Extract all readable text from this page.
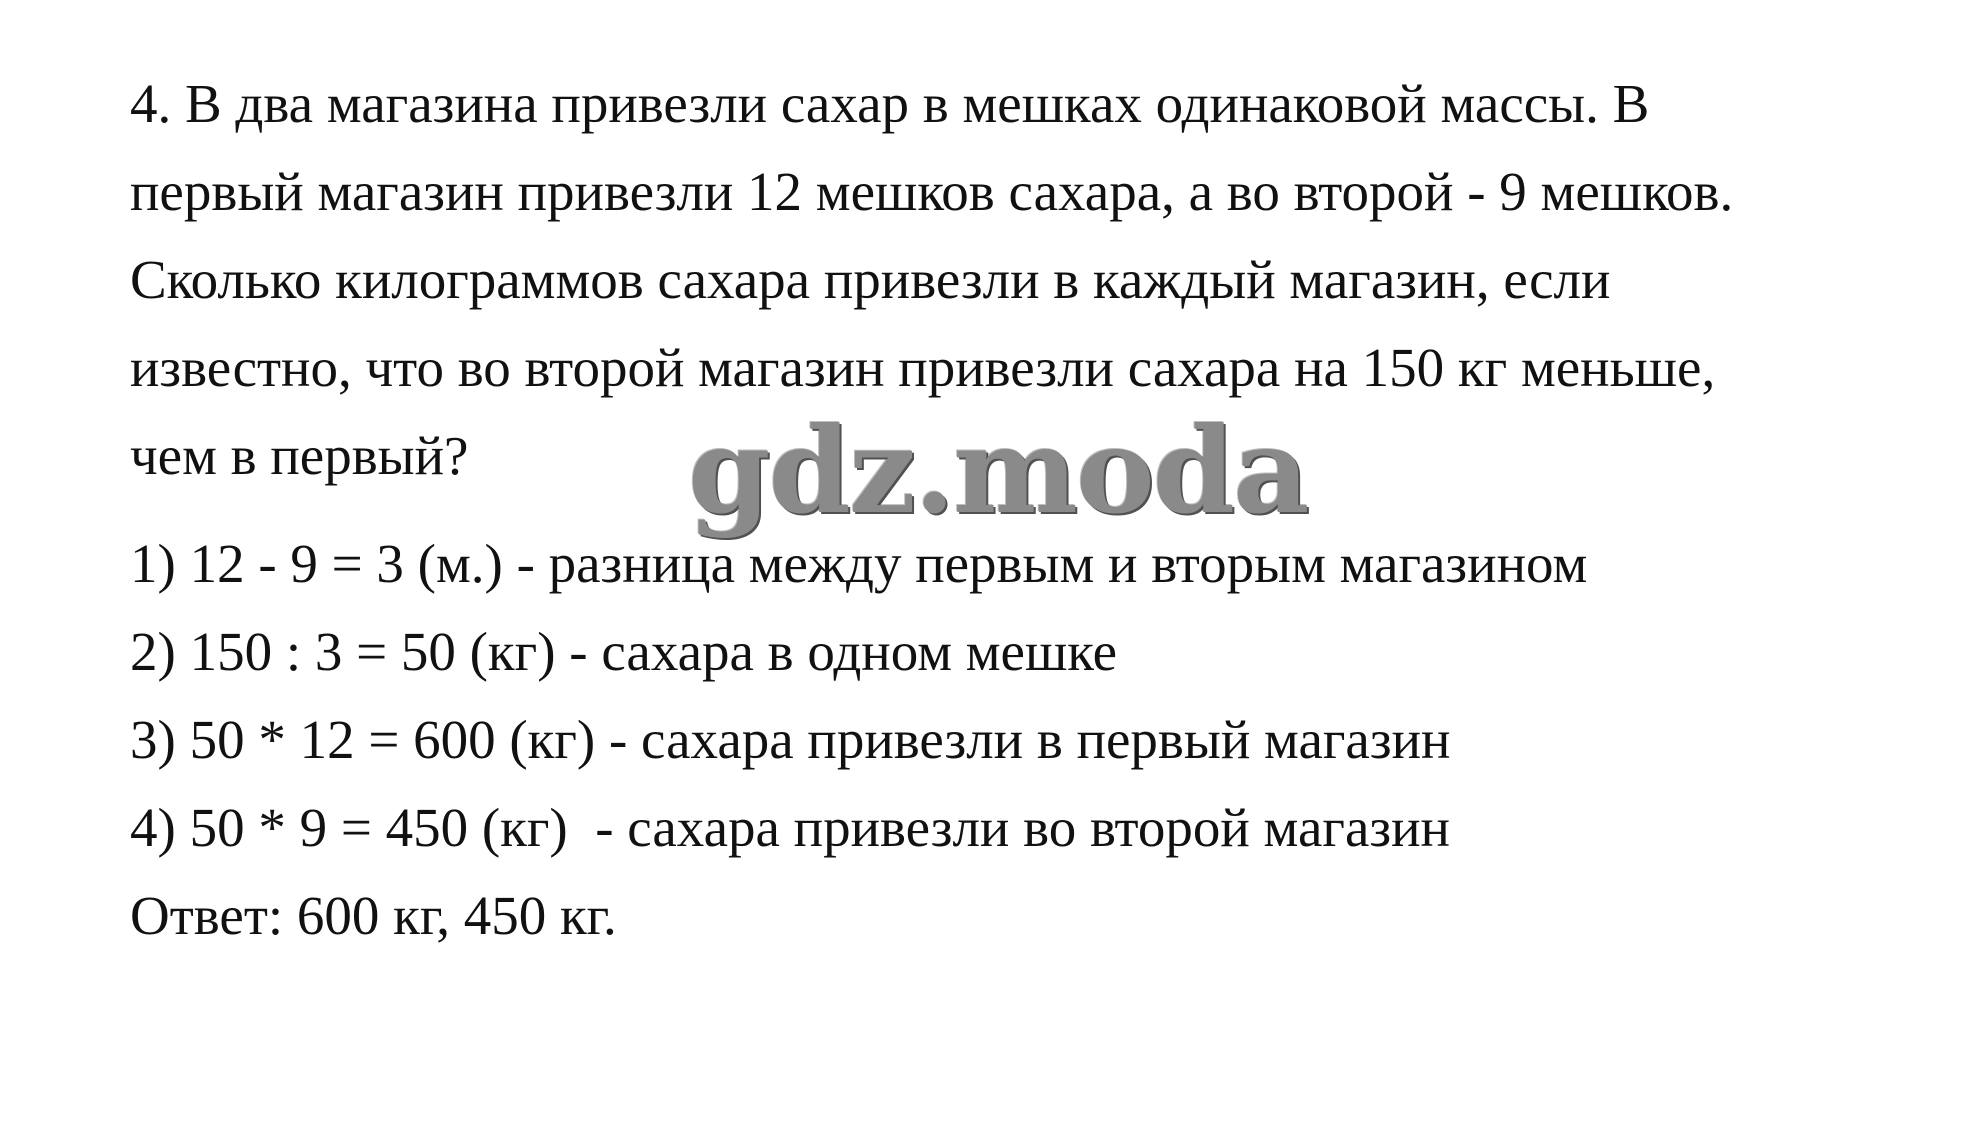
4. В два магазина привезли сахар в мешках одинаковой массы. В
первый магазин привезли 12 мешков сахара, а во второй - 9 мешков.
Сколько килограммов сахара привезли в каждый магазин, если
известно, что во второй магазин привезли сахара на 150 кг меньше,
чем в первый?
1) 12 - 9 = 3 (м.) - разница между первым и вторым магазином
2) 150 : 3 = 50 (кг) - сахара в одном мешке
3) 50 * 12 = 600 (кг) - сахара привезли в первый магазин
4) 50 * 9 = 450 (кг)  - сахара привезли во второй магазин
Ответ: 600 кг, 450 кг.
gdz.moda
